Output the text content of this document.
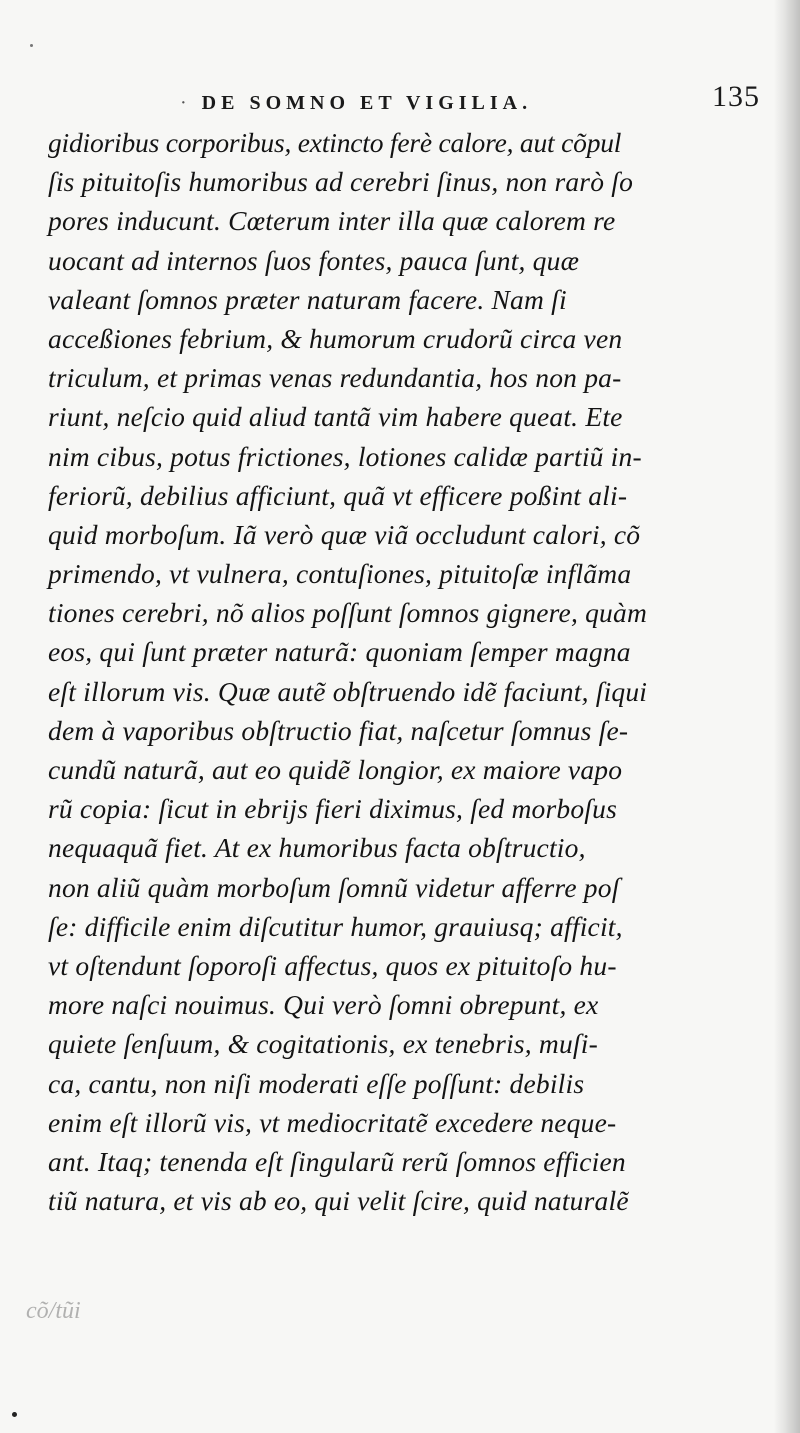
· DE SOMNO ET VIGILIA.	135
gidioribus corporibus, extincto ferè calore, aut cõpul
ſis pituitoſis humoribus ad cerebri ſinus, non rarò ſo
pores inducunt. Cœterum inter illa quæ calorem re
uocant ad internos ſuos fontes, pauca ſunt, quæ
valeant ſomnos præter naturam facere. Nam ſi
acceßiones febrium, & humorum crudorũ circa ven
triculum, et primas venas redundantia, hos non pa-
riunt, neſcio quid aliud tantã vim habere queat. Ete
nim cibus, potus frictiones, lotiones calidæ partiũ in-
feriorũ, debilius afficiunt, quã vt efficere poßint ali-
quid morboſum. Iã verò quæ viã occludunt calori, cõ
primendo, vt vulnera, contuſiones, pituitoſæ inflãma
tiones cerebri, nõ alios poſſunt ſomnos gignere, quàm
eos, qui ſunt præter naturã: quoniam ſemper magna
eſt illorum vis. Quæ autẽ obſtruendo idẽ faciunt, ſiqui
dem à vaporibus obſtructio fiat, naſcetur ſomnus ſe-
cundũ naturã, aut eo quidẽ longior, ex maiore vapo
rũ copia: ſicut in ebrijs fieri diximus, ſed morboſus
nequaquã fiet. At ex humoribus facta obſtructio,
non aliũ quàm morboſum ſomnũ videtur afferre poſ
ſe: difficile enim diſcutitur humor, grauiusq; afficit,
vt oſtendunt ſoporoſi affectus, quos ex pituitoſo hu-
more naſci nouimus. Qui verò ſomni obrepunt, ex
quiete ſenſuum, & cogitationis, ex tenebris, muſi-
ca, cantu, non niſi moderati eſſe poſſunt: debilis
enim eſt illorũ vis, vt mediocritatẽ excedere neque-
ant. Itaq; tenenda eſt ſingularũ rerũ ſomnos efficien
tiũ natura, et vis ab eo, qui velit ſcire, quid naturalẽ
cõ/tũi
